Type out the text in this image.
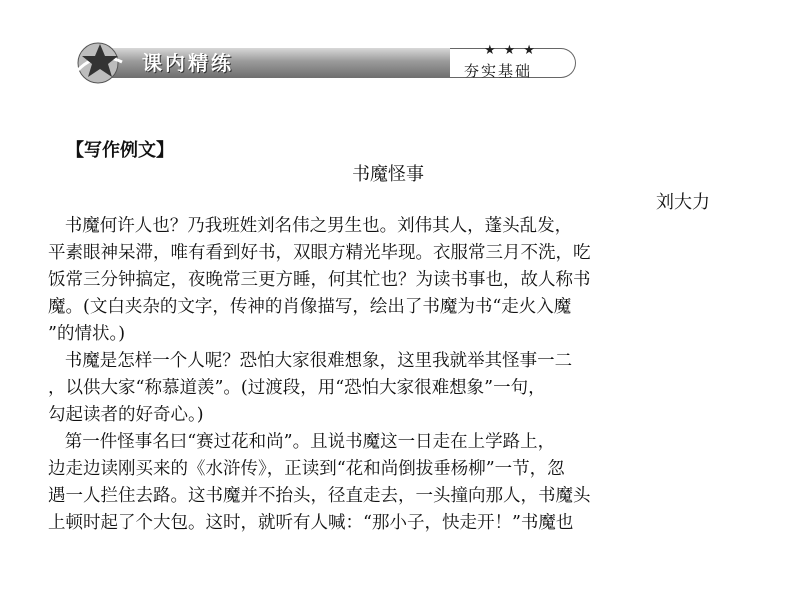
课内精练
★★★
夯实基础
【写作例文】
书魔怪事
刘大力
书魔何许人也？乃我班姓刘名伟之男生也。刘伟其人，蓬头乱发，
平素眼神呆滞，唯有看到好书，双眼方精光毕现。衣服常三月不洗，吃
饭常三分钟搞定，夜晚常三更方睡，何其忙也？为读书事也，故人称书
魔。(文白夹杂的文字，传神的肖像描写，绘出了书魔为书“走火入魔
”的情状。)
书魔是怎样一个人呢？恐怕大家很难想象，这里我就举其怪事一二
，以供大家“称慕道羡”。(过渡段，用“恐怕大家很难想象”一句，
勾起读者的好奇心。)
第一件怪事名曰“赛过花和尚”。且说书魔这一日走在上学路上，
边走边读刚买来的《水浒传》，正读到“花和尚倒拔垂杨柳”一节，忽
遇一人拦住去路。这书魔并不抬头，径直走去，一头撞向那人，书魔头
上顿时起了个大包。这时，就听有人喊：“那小子，快走开！”书魔也
